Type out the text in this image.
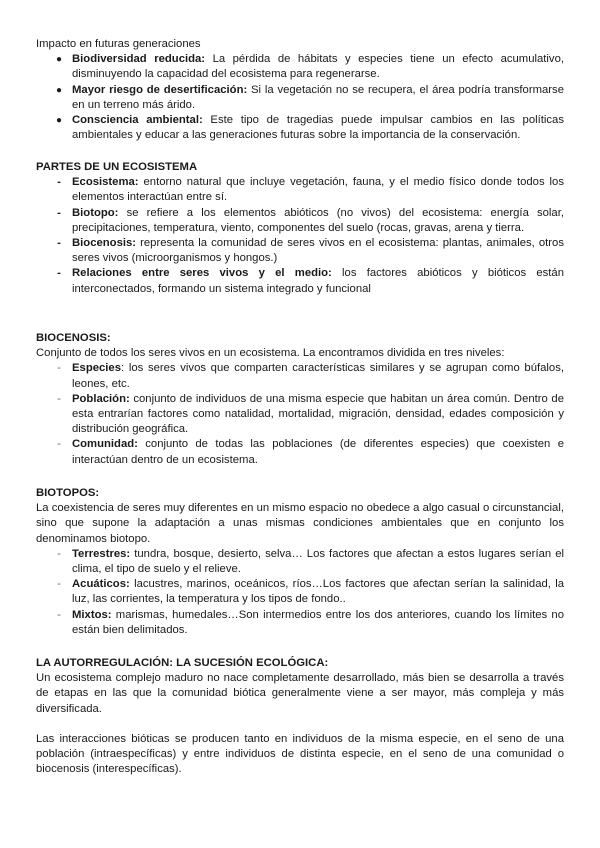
Impacto en futuras generaciones

● Biodiversidad reducida: La pérdida de hábitats y especies tiene un efecto acumulativo, disminuyendo la capacidad del ecosistema para regenerarse.
● Mayor riesgo de desertificación: Si la vegetación no se recupera, el área podría transformarse en un terreno más árido.
● Consciencia ambiental: Este tipo de tragedias puede impulsar cambios en las políticas ambientales y educar a las generaciones futuras sobre la importancia de la conservación.

PARTES DE UN ECOSISTEMA

- Ecosistema: entorno natural que incluye vegetación, fauna, y el medio físico donde todos los elementos interactúan entre sí.
- Biotopo: se refiere a los elementos abióticos (no vivos) del ecosistema: energía solar, precipitaciones, temperatura, viento, componentes del suelo (rocas, gravas, arena y tierra.
- Biocenosis: representa la comunidad de seres vivos en el ecosistema: plantas, animales, otros seres vivos (microorganismos y hongos.)
- Relaciones entre seres vivos y el medio: los factores abióticos y bióticos están interconectados, formando un sistema integrado y funcional

BIOCENOSIS:

Conjunto de todos los seres vivos en un ecosistema. La encontramos dividida en tres niveles:

- Especies: los seres vivos que comparten características similares y se agrupan como búfalos, leones, etc.
- Población: conjunto de individuos de una misma especie que habitan un área común. Dentro de esta entrarían factores como natalidad, mortalidad, migración, densidad, edades composición y distribución geográfica.
- Comunidad: conjunto de todas las poblaciones (de diferentes especies) que coexisten e interactúan dentro de un ecosistema.

BIOTOPOS:

La coexistencia de seres muy diferentes en un mismo espacio no obedece a algo casual o circunstancial, sino que supone la adaptación a unas mismas condiciones ambientales que en conjunto los denominamos biotopo.

- Terrestres: tundra, bosque, desierto, selva… Los factores que afectan a estos lugares serían el clima, el tipo de suelo y el relieve.
- Acuáticos: lacustres, marinos, oceánicos, ríos…Los factores que afectan serían la salinidad, la luz, las corrientes, la temperatura y los tipos de fondo..
- Mixtos: marismas, humedales…Son intermedios entre los dos anteriores, cuando los límites no están bien delimitados.

LA AUTORREGULACIÓN: LA SUCESIÓN ECOLÓGICA:

Un ecosistema complejo maduro no nace completamente desarrollado, más bien se desarrolla a través de etapas en las que la comunidad biótica generalmente viene a ser mayor, más compleja y más diversificada.

Las interacciones bióticas se producen tanto en individuos de la misma especie, en el seno de una población (intraespecíficas) y entre individuos de distinta especie, en el seno de una comunidad o biocenosis (interespecíficas).
